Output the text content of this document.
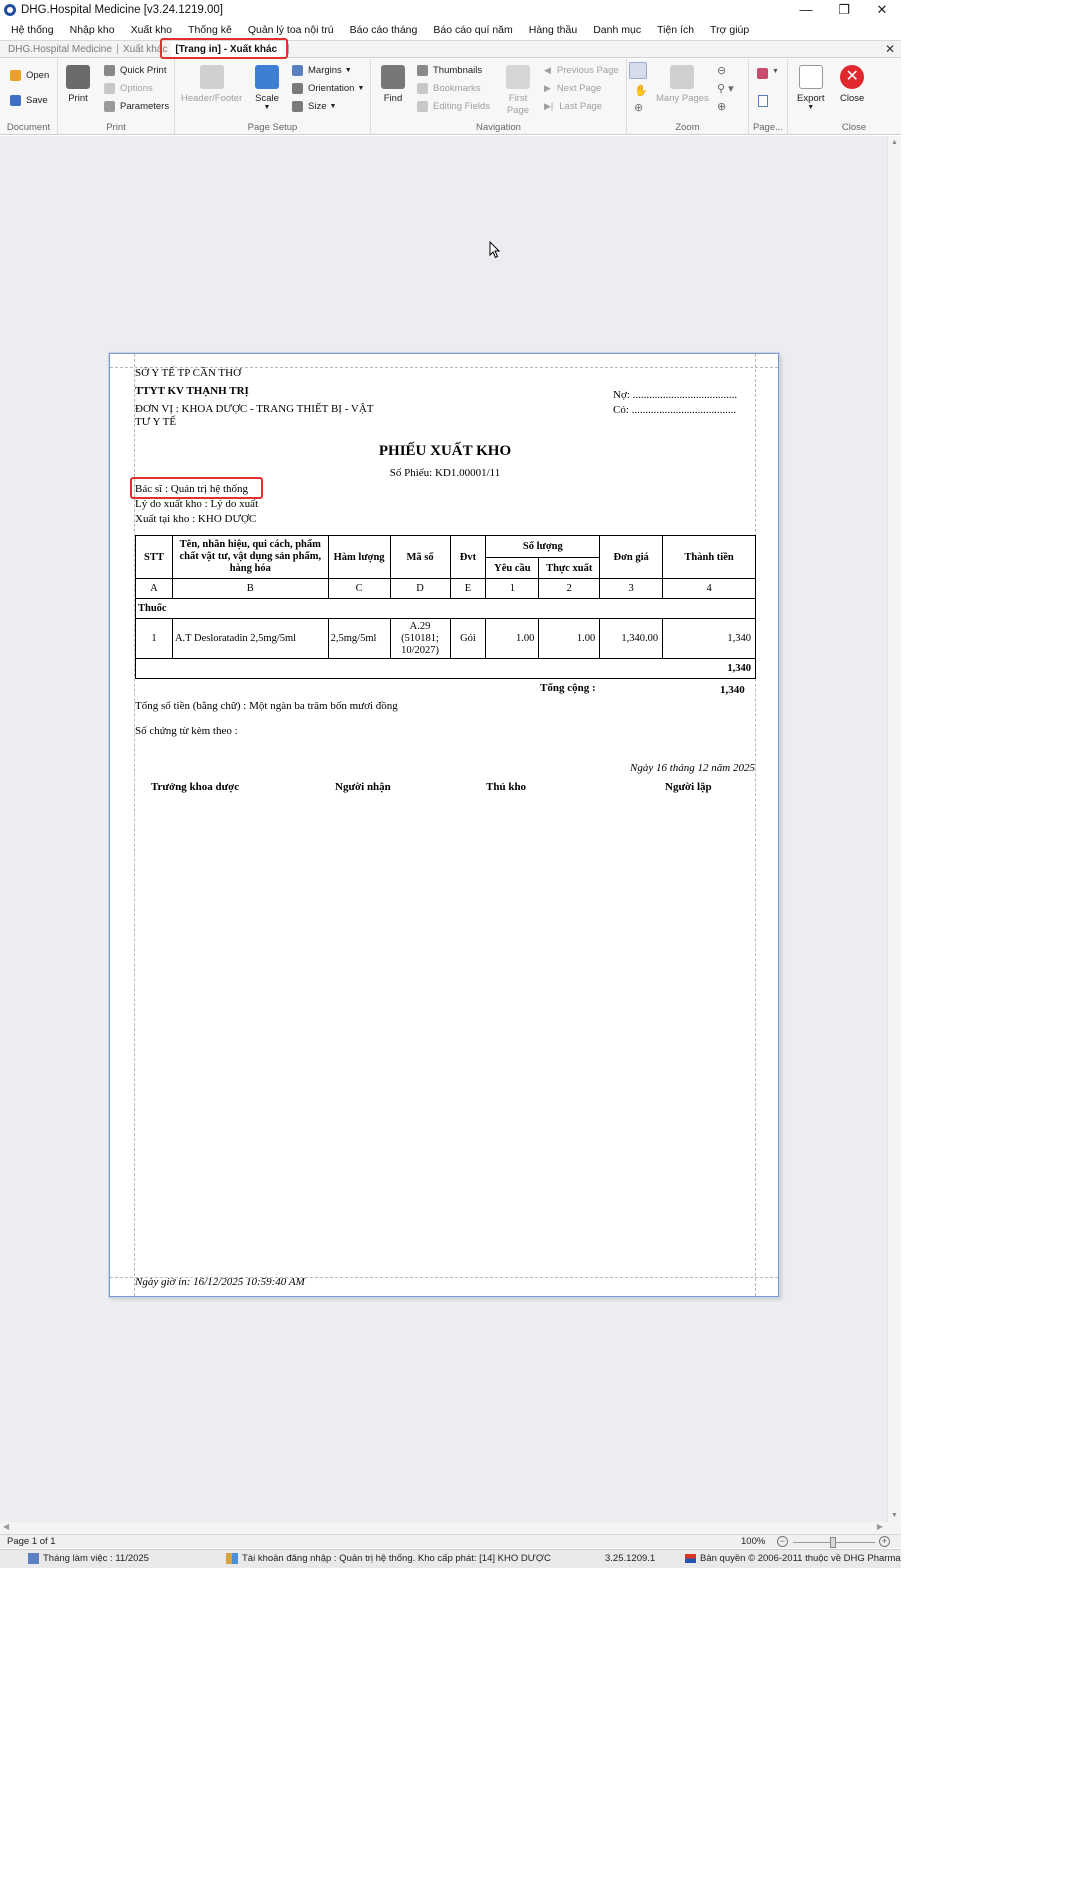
DHG.Hospital Medicine [v3.24.1219.00]	—	❐	✕
Hệ thống	Nhập kho	Xuất kho	Thống kê	Quản lý toa nội trú	Báo cáo tháng	Báo cáo quí năm	Hàng thầu	Danh mục	Tiện ích	Trợ giúp
DHG.Hospital Medicine	Xuất khác [Trang in] - Xuất khác	✕
Open
Save
Document
Print
Quick Print
Options
Parameters
Print
Header/Footer Scale
▼
Margins ▼
Orientation ▼
Size ▼
Page Setup
Find
Thumbnails
Bookmarks
Editing Fields
First Page
◀ Previous Page
▶ Next Page
▶| Last Page
Navigation
✋
⊕
Many Pages
⊖
⚲ ▾
⊕
Zoom
▼
Page...
Export
▼
✕
Close
Close
▲
▼
◀	▶
SỞ Y TẾ TP CẦN THƠ
TTYT KV THẠNH TRỊ
ĐƠN VỊ : KHOA DƯỢC - TRANG THIẾT BỊ - VẬT
TƯ Y TẾ
Nợ: ......................................
Có: ......................................
PHIẾU XUẤT KHO
Số Phiếu: KD1.00001/11
Bác sĩ : Quản trị hệ thống
Lý do xuất kho : Lý do xuất
Xuất tại kho : KHO DƯỢC
STT	Tên, nhãn hiệu, qui cách, phẩm chất vật tư, vật dụng sản phẩm, hàng hóa	Hàm lượng	Mã số	Đvt	Số lượng		Đơn giá	Thành tiền
					Yêu cầu	Thực xuất		
A	B	C	D	E	1	2	3	4
Thuốc								
1	A.T Desloratadin 2,5mg/5ml	2,5mg/5ml	A.29
(510181;
10/2027)	Gói	1.00	1.00	1,340.00	1,340
1,340								
Tổng cộng :	1,340
Tổng số tiền (bằng chữ) : Một ngàn ba trăm bốn mươi đồng
Số chứng từ kèm theo :
Ngày 16 tháng 12 năm 2025
Trưởng khoa dược	Người nhận	Thủ kho	Người lập
Ngày giờ in: 16/12/2025 10:59:40 AM
Page 1 of 1	100%	−	+
Tháng làm việc : 11/2025	Tài khoản đăng nhập : Quản trị hệ thống. Kho cấp phát: [14] KHO DƯỢC	3.25.1209.1	Bản quyền © 2006-2011 thuộc về DHG Pharma
